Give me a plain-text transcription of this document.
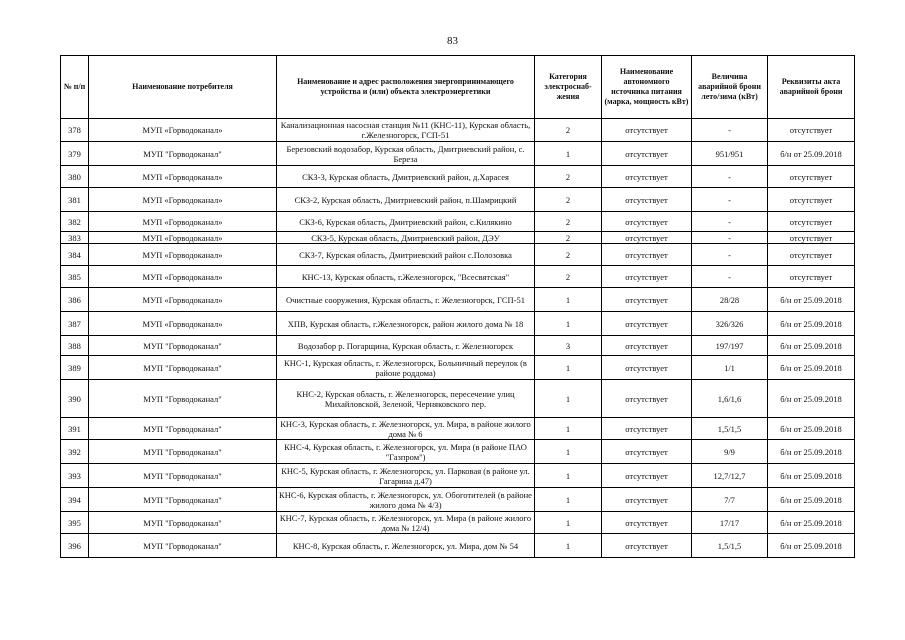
83
№ п/п	Наименование потребителя	Наименование и адрес расположения энергопринимающего устройства и (или) объекта электроэнергетики	Категория электроснаб-жения	Наименование автономного источника питания (марка, мощность кВт)	Величина аварийной брони лето/зима (кВт)	Реквизиты акта аварийной брони
378	МУП «Горводоканал»	Канализационная насосная станция №11 (КНС-11), Курская область, г.Железногорск, ГСП-51	2	отсутствует	-	отсутствует
379	МУП "Горводоканал"	Березовский водозабор, Курская область, Дмитриевский район, с. Береза	1	отсутствует	951/951	б/н от 25.09.2018
380	МУП «Горводоканал»	СКЗ-3, Курская область, Дмитриевский район, д.Харасея	2	отсутствует	-	отсутствует
381	МУП «Горводоканал»	СКЗ-2, Курская область, Дмитриевский район, п.Шамрицкий	2	отсутствует	-	отсутствует
382	МУП «Горводоканал»	СКЗ-6, Курская область, Дмитриевский район, с.Килякино	2	отсутствует	-	отсутствует
383	МУП «Горводоканал»	СКЗ-5, Курская область, Дмитриевский район, ДЭУ	2	отсутствует	-	отсутствует
384	МУП «Горводоканал»	СКЗ-7, Курская область, Дмитриевский район с.Полозовка	2	отсутствует	-	отсутствует
385	МУП «Горводоканал»	КНС-13, Курская область, г.Железногорск, "Всесвятская"	2	отсутствует	-	отсутствует
386	МУП «Горводоканал»	Очистные сооружения, Курская область, г. Железногорск, ГСП-51	1	отсутствует	28/28	б/н от 25.09.2018
387	МУП «Горводоканал»	ХПВ, Курская область, г.Железногорск, район жилого дома № 18	1	отсутствует	326/326	б/н от 25.09.2018
388	МУП "Горводоканал"	Водозабор р. Погарщина, Курская область, г. Железногорск	3	отсутствует	197/197	б/н от 25.09.2018
389	МУП "Горводоканал"	КНС-1, Курская область, г. Железногорск, Больничный переулок (в районе роддома)	1	отсутствует	1/1	б/н от 25.09.2018
390	МУП "Горводоканал"	КНС-2, Курская область, г. Железногорск, пересечение улиц Михайловской, Зеленой, Черняковского пер.	1	отсутствует	1,6/1,6	б/н от 25.09.2018
391	МУП "Горводоканал"	КНС-3, Курская область, г. Железногорск, ул. Мира, в районе жилого дома № 6	1	отсутствует	1,5/1,5	б/н от 25.09.2018
392	МУП "Горводоканал"	КНС-4, Курская область, г. Железногорск, ул. Мира (в районе ПАО "Газпром")	1	отсутствует	9/9	б/н от 25.09.2018
393	МУП "Горводоканал"	КНС-5, Курская область, г. Железногорск, ул. Парковая (в районе ул. Гагарина д.47)	1	отсутствует	12,7/12,7	б/н от 25.09.2018
394	МУП "Горводоканал"	КНС-6, Курская область, г. Железногорск, ул. Обоготителей (в районе жилого дома № 4/3)	1	отсутствует	7/7	б/н от 25.09.2018
395	МУП "Горводоканал"	КНС-7, Курская область, г. Железногорск, ул. Мира (в районе жилого дома № 12/4)	1	отсутствует	17/17	б/н от 25.09.2018
396	МУП "Горводоканал"	КНС-8, Курская область, г. Железногорск, ул. Мира, дом № 54	1	отсутствует	1,5/1,5	б/н от 25.09.2018
